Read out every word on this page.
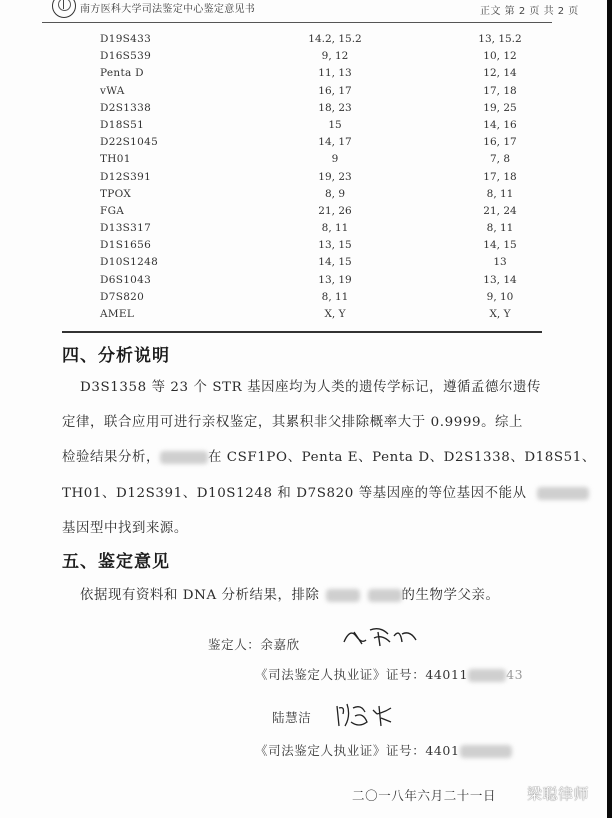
南方医科大学司法鉴定中心鉴定意见书	正文 第 2 页 共 2 页
D19S433	14.2, 15.2	13, 15.2
D16S539	9, 12	10, 12
Penta D	11, 13	12, 14
vWA	16, 17	17, 18
D2S1338	18, 23	19, 25
D18S51	15	14, 16
D22S1045	14, 17	16, 17
TH01	9	7, 8
D12S391	19, 23	17, 18
TPOX	8, 9	8, 11
FGA	21, 26	21, 24
D13S317	8, 11	8, 11
D1S1656	13, 15	14, 15
D10S1248	14, 15	13
D6S1043	13, 19	13, 14
D7S820	8, 11	9, 10
AMEL	X, Y	X, Y
四、分析说明
D3S1358 等 23 个 STR 基因座均为人类的遗传学标记，遵循孟德尔遗传
定律，联合应用可进行亲权鉴定，其累积非父排除概率大于 0.9999。综上
检验结果分析，	在 CSF1PO、Penta E、Penta D、D2S1338、D18S51、
TH01、D12S391、D10S1248 和 D7S820 等基因座的等位基因不能从
基因型中找到来源。
五、鉴定意见
依据现有资料和 DNA 分析结果，排除	的生物学父亲。
鉴定人：余嘉欣
《司法鉴定人执业证》证号：44011	43
陆慧洁
《司法鉴定人执业证》证号：4401
二〇一八年六月二十一日 梁聪律师
